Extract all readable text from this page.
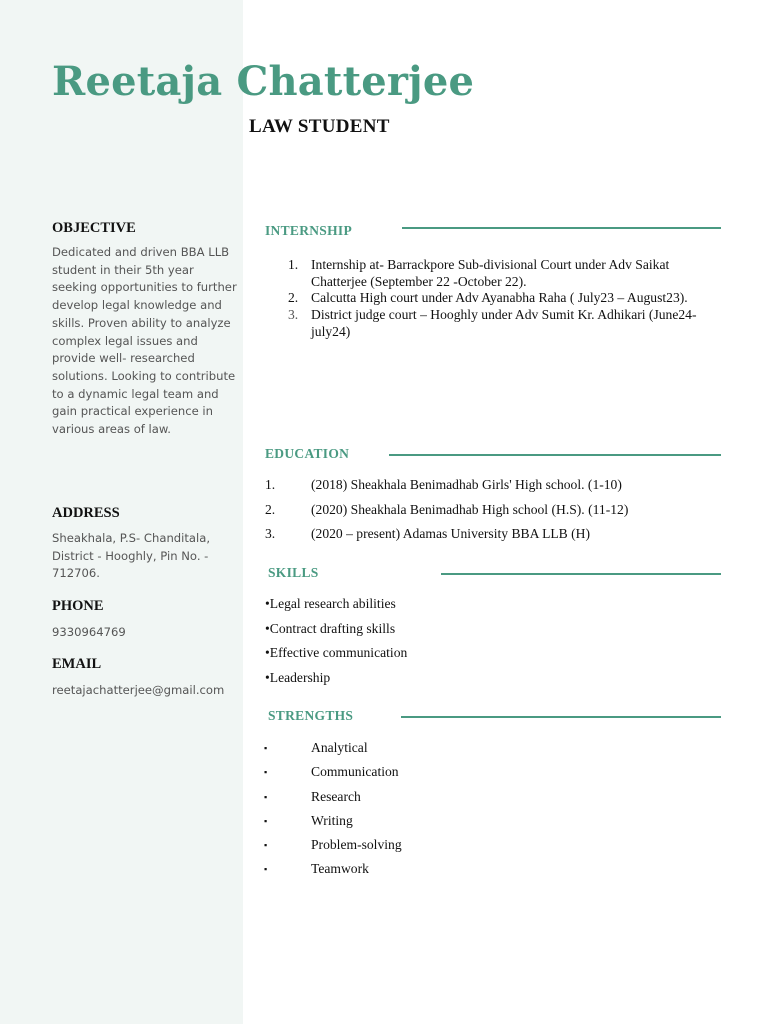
Reetaja Chatterjee
LAW STUDENT
OBJECTIVE

Dedicated and driven BBA LLB student in their 5th year seeking opportunities to further develop legal knowledge and skills. Proven ability to analyze complex legal issues and provide well- researched solutions. Looking to contribute to a dynamic legal team and gain practical experience in various areas of law.

ADDRESS

Sheakhala, P.S- Chanditala, District - Hooghly, Pin No. - 712706.

PHONE

9330964769

EMAIL

reetajachatterjee@gmail.com

INTERNSHIP
1. Internship at- Barrackpore Sub-divisional Court under Adv Saikat Chatterjee (September 22 -October 22).
2. Calcutta High court under Adv Ayanabha Raha ( July23 – August23).
3. District judge court – Hooghly under Adv Sumit Kr. Adhikari (June24-july24)
EDUCATION
1.	(2018) Sheakhala Benimadhab Girls' High school. (1-10)
2.	(2020) Sheakhala Benimadhab High school (H.S). (11-12)
3.	(2020 – present) Adamas University BBA LLB (H)
SKILLS
•Legal research abilities
•Contract drafting skills
•Effective communication
•Leadership
STRENGTHS
▪	Analytical
▪	Communication
▪	Research
▪	Writing
▪	Problem-solving
▪	Teamwork
